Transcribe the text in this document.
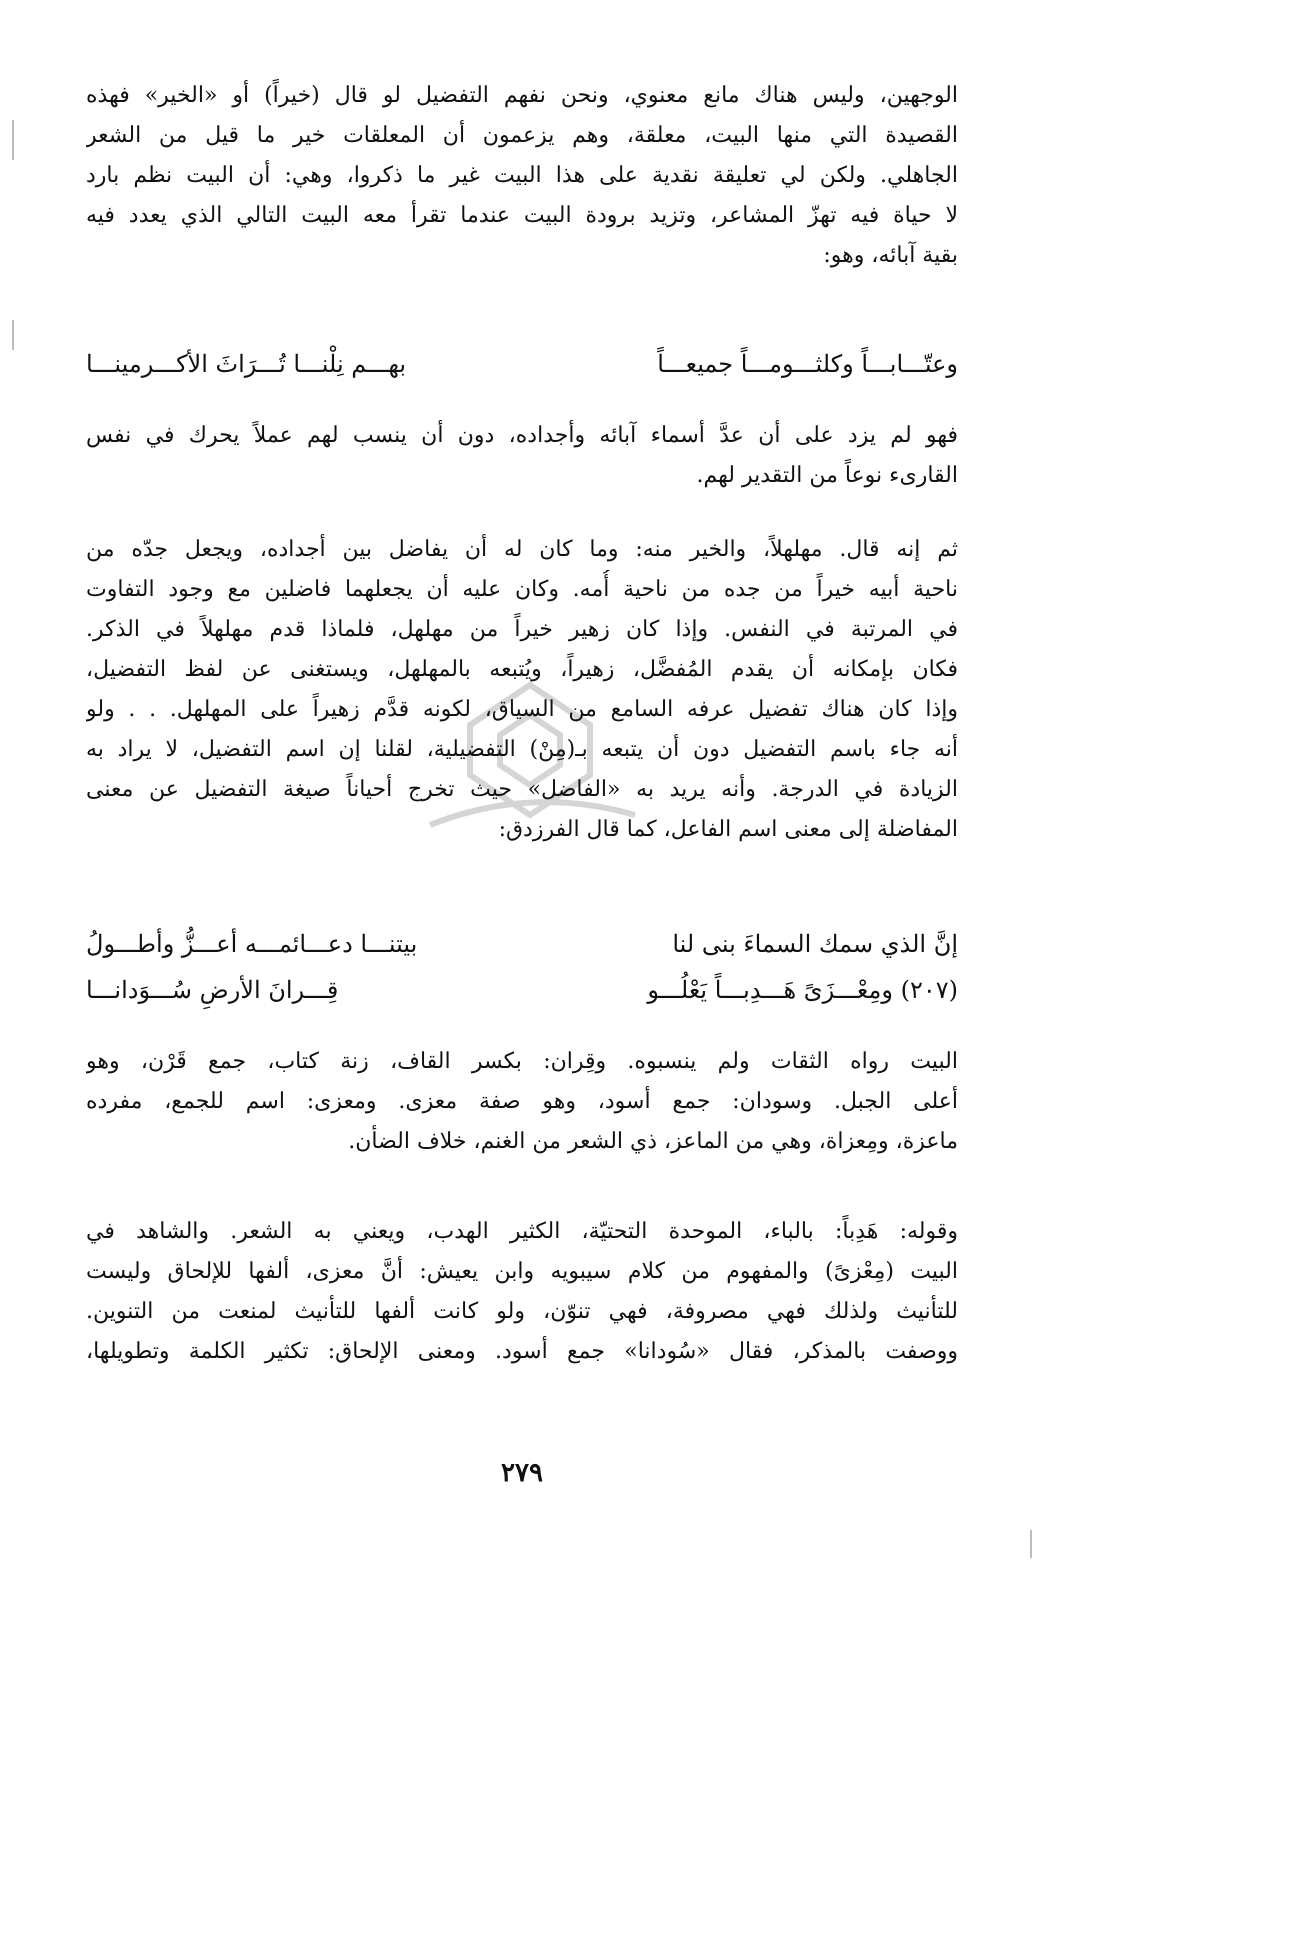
الوجهين، وليس هناك مانع معنوي، ونحن نفهم التفضيل لو قال (خيراً) أو «الخير» فهذه
القصيدة التي منها البيت، معلقة، وهم يزعمون أن المعلقات خير ما قيل من الشعر
الجاهلي. ولكن لي تعليقة نقدية على هذا البيت غير ما ذكروا، وهي: أن البيت نظم بارد
لا حياة فيه تهزّ المشاعر، وتزيد برودة البيت عندما تقرأ معه البيت التالي الذي يعدد فيه
بقية آبائه، وهو:
وعتّـــابـــاً وكلثـــومـــاً جميعـــاً
بهـــم نِلْنـــا تُـــرَاثَ الأكـــرمينـــا
فهو لم يزد على أن عدَّ أسماء آبائه وأجداده، دون أن ينسب لهم عملاً يحرك في نفس
القارىء نوعاً من التقدير لهم.
ثم إنه قال. مهلهلاً، والخير منه: وما كان له أن يفاضل بين أجداده، ويجعل جدّه من
ناحية أبيه خيراً من جده من ناحية أُمه. وكان عليه أن يجعلهما فاضلين مع وجود التفاوت
في المرتبة في النفس. وإذا كان زهير خيراً من مهلهل، فلماذا قدم مهلهلاً في الذكر.
فكان بإمكانه أن يقدم المُفضَّل، زهيراً، ويُتبعه بالمهلهل، ويستغنى عن لفظ التفضيل،
وإذا كان هناك تفضيل عرفه السامع من السياق، لكونه قدَّم زهيراً على المهلهل. . . ولو
أنه جاء باسم التفضيل دون أن يتبعه بـ(مِنْ) التفضيلية، لقلنا إن اسم التفضيل، لا يراد به
الزيادة في الدرجة. وأنه يريد به «الفاضل» حيث تخرج أحياناً صيغة التفضيل عن معنى
المفاضلة إلى معنى اسم الفاعل، كما قال الفرزدق:
إنَّ الذي سمك السماءَ بنى لنا
بيتنـــا دعـــائمـــه أعـــزُّ وأطـــولُ
(٢٠٧) ومِعْـــزَىً هَـــدِبـــاً يَعْلُـــو
قِـــرانَ الأرضِ سُـــوَدانـــا
البيت رواه الثقات ولم ينسبوه. وقِران: بكسر القاف، زنة كتاب، جمع قَرْن، وهو
أعلى الجبل. وسودان: جمع أسود، وهو صفة معزى. ومعزى: اسم للجمع، مفرده
ماعزة، ومِعزاة، وهي من الماعز، ذي الشعر من الغنم، خلاف الضأن.
وقوله: هَدِباً: بالباء، الموحدة التحتيّة، الكثير الهدب، ويعني به الشعر. والشاهد في
البيت (مِعْزىً) والمفهوم من كلام سيبويه وابن يعيش: أنَّ معزى، ألفها للإلحاق وليست
للتأنيث ولذلك فهي مصروفة، فهي تنوّن، ولو كانت ألفها للتأنيث لمنعت من التنوين.
ووصفت بالمذكر، فقال «سُودانا» جمع أسود. ومعنى الإلحاق: تكثير الكلمة وتطويلها،
٢٧٩
